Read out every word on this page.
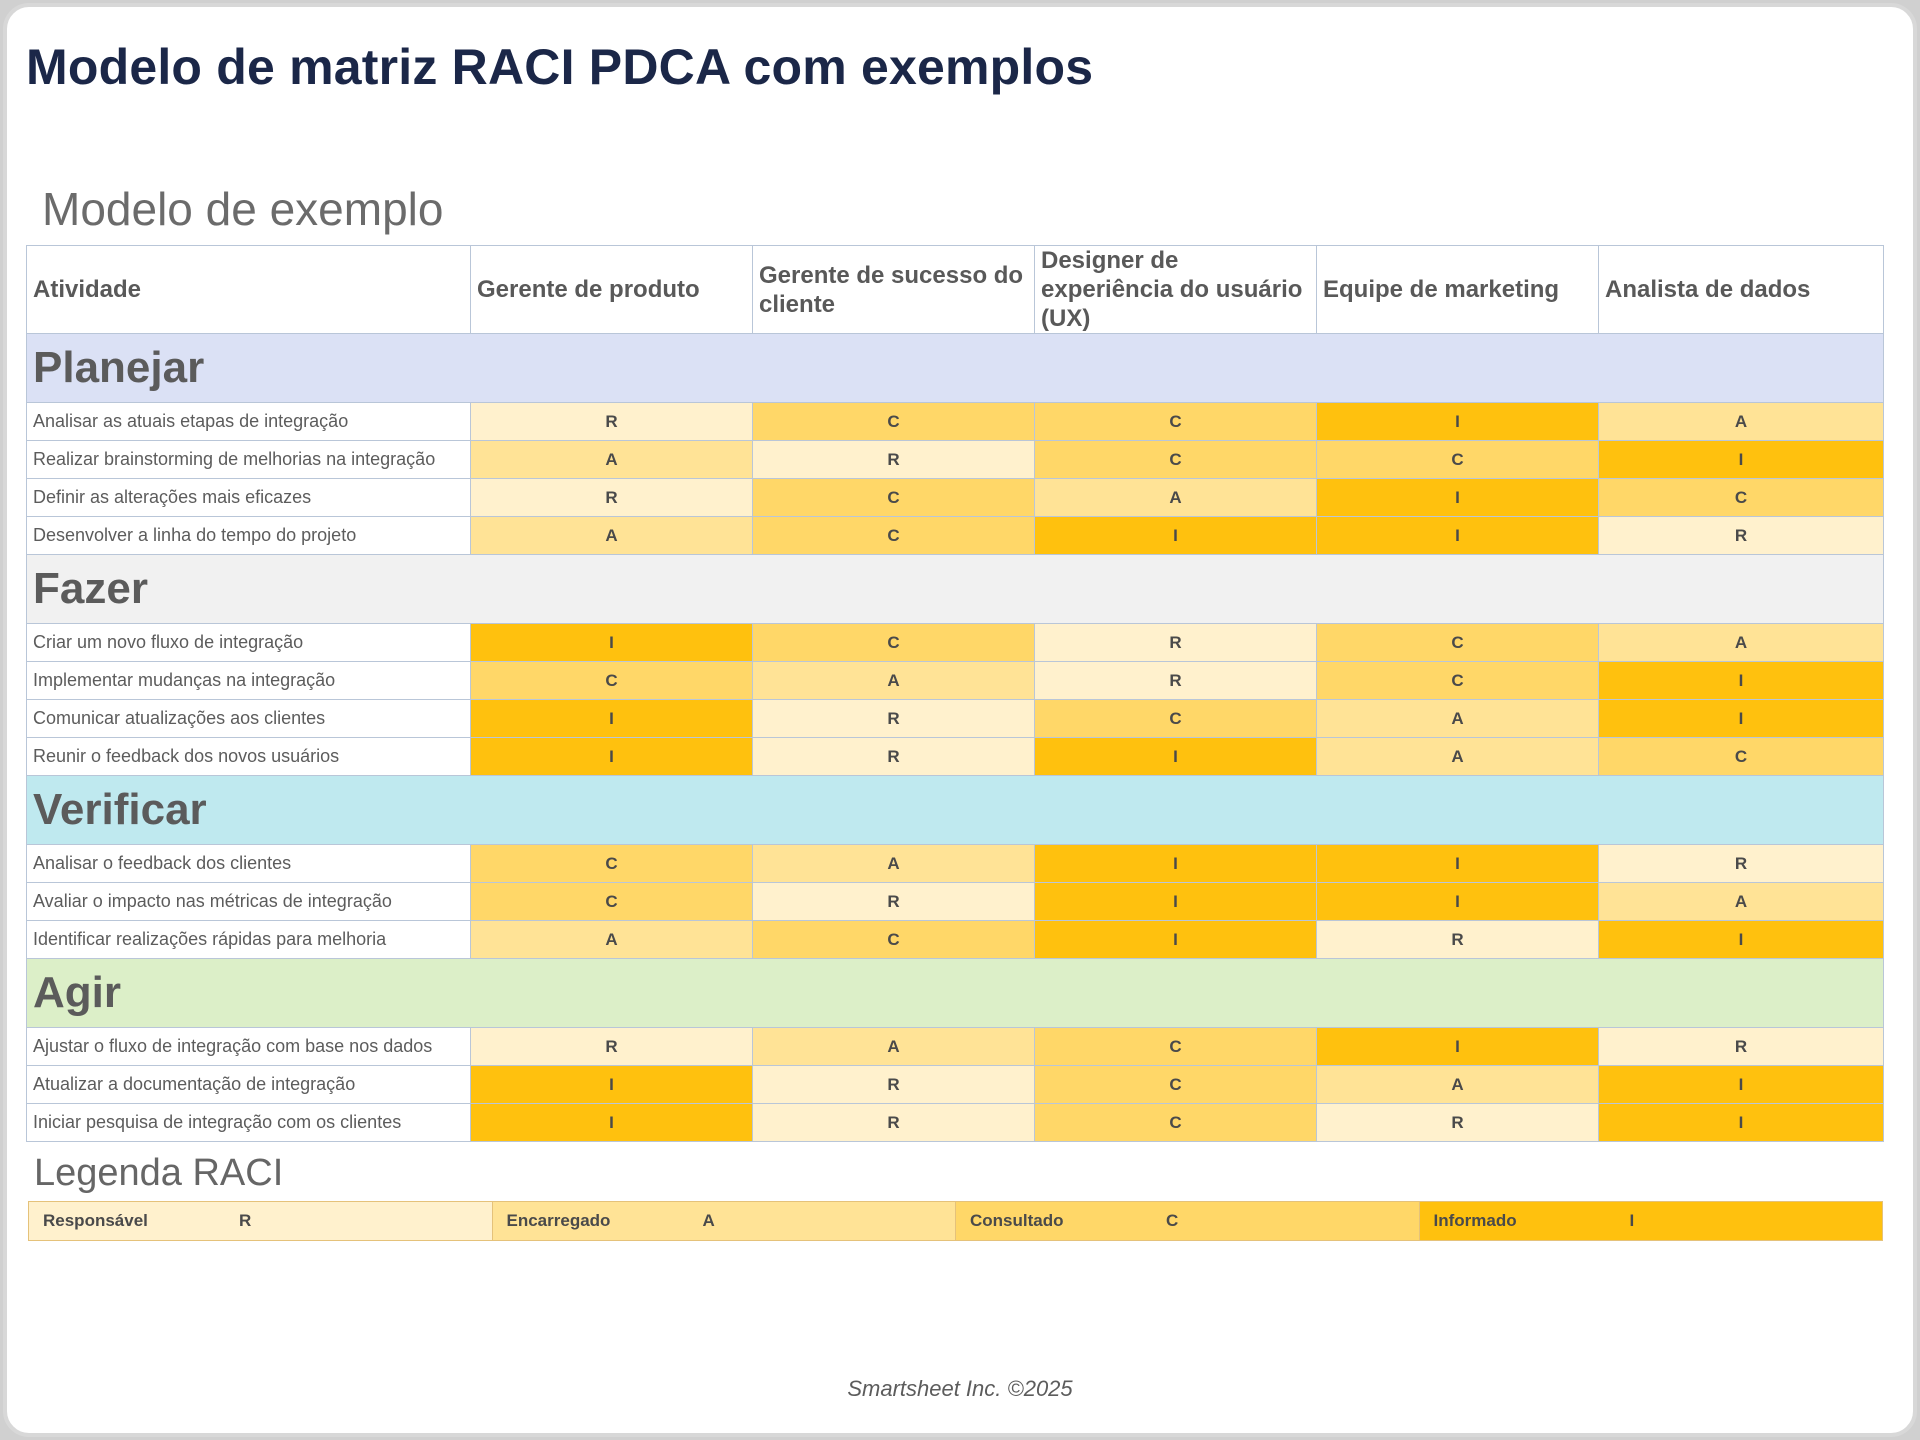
Modelo de matriz RACI PDCA com exemplos
Modelo de exemplo
Atividade	Gerente de produto	Gerente de sucesso do cliente	Designer de experiência do usuário (UX)	Equipe de marketing	Analista de dados
Planejar					
Analisar as atuais etapas de integração	R	C	C	I	A
Realizar brainstorming de melhorias na integração	A	R	C	C	I
Definir as alterações mais eficazes	R	C	A	I	C
Desenvolver a linha do tempo do projeto	A	C	I	I	R
Fazer					
Criar um novo fluxo de integração	I	C	R	C	A
Implementar mudanças na integração	C	A	R	C	I
Comunicar atualizações aos clientes	I	R	C	A	I
Reunir o feedback dos novos usuários	I	R	I	A	C
Verificar					
Analisar o feedback dos clientes	C	A	I	I	R
Avaliar o impacto nas métricas de integração	C	R	I	I	A
Identificar realizações rápidas para melhoria	A	C	I	R	I
Agir					
Ajustar o fluxo de integração com base nos dados	R	A	C	I	R
Atualizar a documentação de integração	I	R	C	A	I
Iniciar pesquisa de integração com os clientes	I	R	C	R	I
Legenda RACI
Responsável	R	Encarregado	A	Consultado	C	Informado	I
Smartsheet Inc. ©2025
